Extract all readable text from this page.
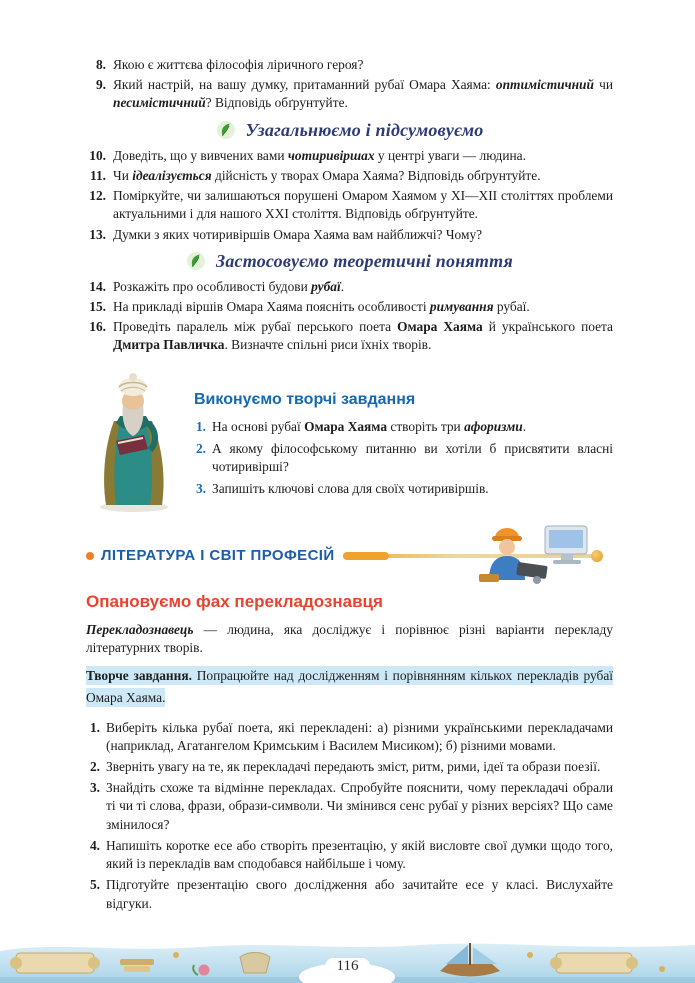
8. Якою є життєва філософія ліричного героя?
9. Який настрій, на вашу думку, притаманний рубаї Омара Хаяма: оптимістичний чи песимістичний? Відповідь обґрунтуйте.
Узагальнюємо і підсумовуємо
10. Доведіть, що у вивчених вами чотиривіршах у центрі уваги — людина.
11. Чи ідеалізується дійсність у творах Омара Хаяма? Відповідь обґрунтуйте.
12. Поміркуйте, чи залишаються порушені Омаром Хаямом у XI—XII століттях проблеми актуальними і для нашого XXI століття. Відповідь обґрунтуйте.
13. Думки з яких чотиривіршів Омара Хаяма вам найближчі? Чому?
Застосовуємо теоретичні поняття
14. Розкажіть про особливості будови рубаї.
15. На прикладі віршів Омара Хаяма поясніть особливості римування рубаї.
16. Проведіть паралель між рубаї перського поета Омара Хаяма й українського поета Дмитра Павличка. Визначте спільні риси їхніх творів.
Виконуємо творчі завдання
1. На основі рубаї Омара Хаяма створіть три афоризми.
2. А якому філософському питанню ви хотіли б присвятити власні чотиривірші?
3. Запишіть ключові слова для своїх чотиривіршів.
ЛІТЕРАТУРА І СВІТ ПРОФЕСІЙ
Опановуємо фах перекладознавця

Перекладознавець — людина, яка досліджує і порівнює різні варіанти перекладу літературних творів.

Творче завдання. Попрацюйте над дослідженням і порівнянням кількох перекладів рубаї Омара Хаяма.

1. Виберіть кілька рубаї поета, які перекладені: а) різними українськими перекладачами (наприклад, Агатангелом Кримським і Василем Мисиком); б) різними мовами.
2. Зверніть увагу на те, як перекладачі передають зміст, ритм, рими, ідеї та образи поезії.
3. Знайдіть схоже та відмінне перекладах. Спробуйте пояснити, чому перекладачі обрали ті чи ті слова, фрази, образи-символи. Чи змінився сенс рубаї у різних версіях? Що саме змінилося?
4. Напишіть коротке есе або створіть презентацію, у якій висловте свої думки щодо того, який із перекладів вам сподобався найбільше і чому.
5. Підготуйте презентацію свого дослідження або зачитайте есе у класі. Вислухайте відгуки.
116
